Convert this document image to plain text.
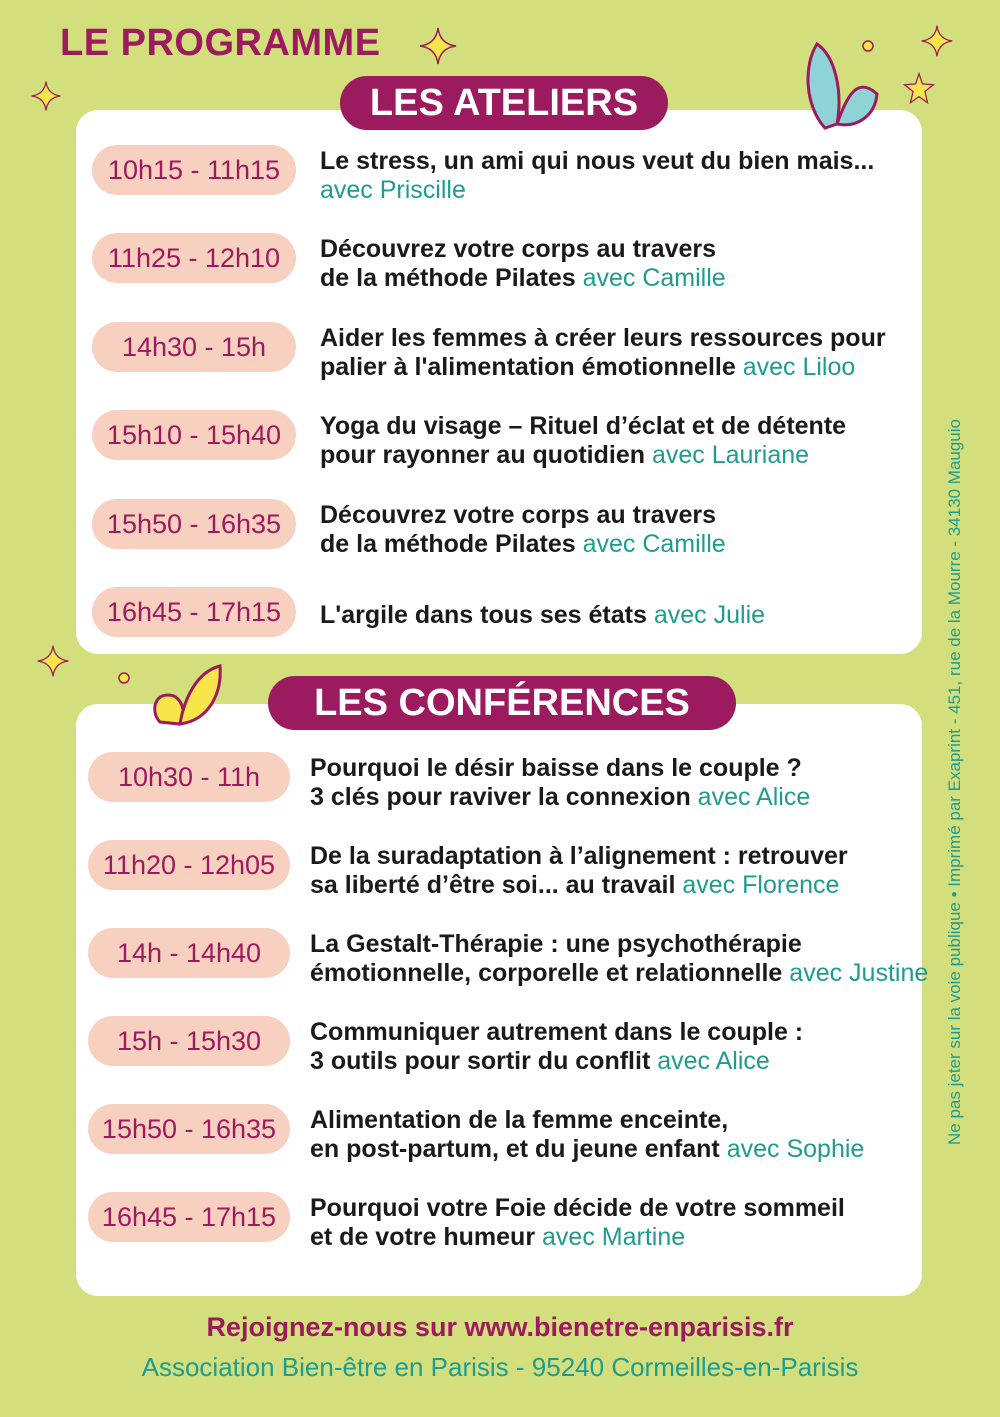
LE PROGRAMME
LES ATELIERS
10h15 - 11h15	Le stress, un ami qui nous veut du bien mais...
avec Priscille
11h25 - 12h10	Découvrez votre corps au travers
de la méthode Pilates avec Camille
14h30 - 15h	Aider les femmes à créer leurs ressources pour
palier à l'alimentation émotionnelle avec Liloo
15h10 - 15h40	Yoga du visage – Rituel d’éclat et de détente
pour rayonner au quotidien avec Lauriane
15h50 - 16h35	Découvrez votre corps au travers
de la méthode Pilates avec Camille
16h45 - 17h15	L'argile dans tous ses états avec Julie
LES CONFÉRENCES
10h30 - 11h	Pourquoi le désir baisse dans le couple ?
3 clés pour raviver la connexion avec Alice
11h20 - 12h05	De la suradaptation à l’alignement : retrouver
sa liberté d’être soi... au travail avec Florence
14h - 14h40	La Gestalt-Thérapie : une psychothérapie
émotionnelle, corporelle et relationnelle avec Justine
15h - 15h30	Communiquer autrement dans le couple :
3 outils pour sortir du conflit avec Alice
15h50 - 16h35	Alimentation de la femme enceinte,
en post-partum, et du jeune enfant avec Sophie
16h45 - 17h15	Pourquoi votre Foie décide de votre sommeil
et de votre humeur avec Martine
Rejoignez-nous sur www.bienetre-enparisis.fr
Association Bien-être en Parisis - 95240 Cormeilles-en-Parisis
Ne pas jeter sur la voie publique • Imprimé par Exaprint - 451, rue de la Mourre - 34130 Mauguio
